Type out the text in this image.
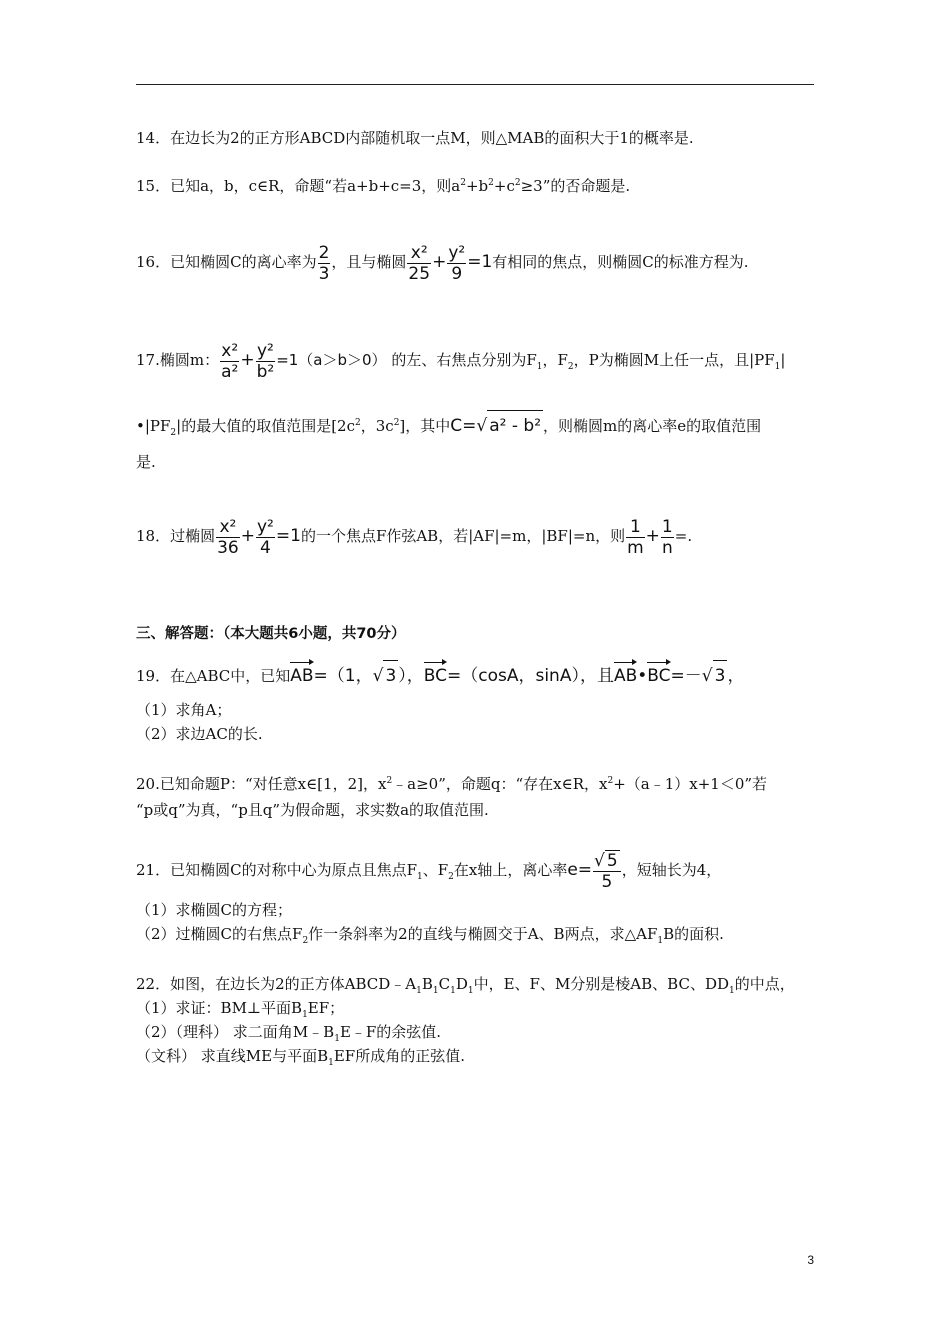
14．在边长为2的正方形ABCD内部随机取一点M，则△MAB的面积大于1的概率是.
15．已知a，b，c∈R，命题“若a+b+c=3，则$a^2+b^2+c^2\ge 3$”的否命题是.
16．已知椭圆C的离心率为 $\frac{2}{3}$ ，且与椭圆 $\frac{\text{x²}}{25} + \frac{\text{y²}}{9} =1$有相同的焦点，则椭圆C的标准方程为.
17.椭圆m： $\frac{\text{x²}}{\text{a²}} + \frac{\text{y²}}{\text{b²}} =1(a>b>0)$ 的左、右焦点分别为$F_1$，$F_2$，P为椭圆M上任一点，且$|PF_1|$
$•|PF_2|$的最大值的取值范围是[$2c^2$，$3c^2$]，其中C=√ a² - b² ，则椭圆m的离心率e的取值范围
是.
18．过椭圆 $\frac{\text{x²}}{36} + \frac{\text{y²}}{4} =1$的一个焦点F作弦AB，若|AF|=m，|BF|=n，则 $\frac{1}{m} + \frac{1}{n}$ =.
三、解答题：（本大题共6小题，共70分）
19．在△ABC中，已知AB=（1，√ 3 ），BC=（cosA，sinA），且AB•BC=－√ 3 ，
（1）求角A；
（2）求边AC的长.
20.已知命题P：“对任意x∈[1，2]，$x^2﹣a\ge 0$”，命题q：“存在x∈R，$x^2+(a﹣1)x+1<0$”若
“p或q”为真，“p且q”为假命题，求实数a的取值范围.
21．已知椭圆C的对称中心为原点且焦点$F_1$、$F_2$在x轴上，离心率$e= \frac{√ 5}{5}$ ，短轴长为4，
（1）求椭圆C的方程；
（2）过椭圆C的右焦点$F_2$作一条斜率为2的直线与椭圆交于A、B两点，求$\triangle AF_1B$的面积.
22．如图，在边长为2的正方体$ABCD﹣A_1B_1C_1D_1$中，E、F、M分别是棱AB、BC、$DD_1$的中点，
（1）求证：BM⊥平面$B_1EF$；
（2）（理科） 求二面角$M﹣B_1E﹣F$的余弦值.
（文科） 求直线ME与平面$B_1EF$所成角的正弦值.
3
